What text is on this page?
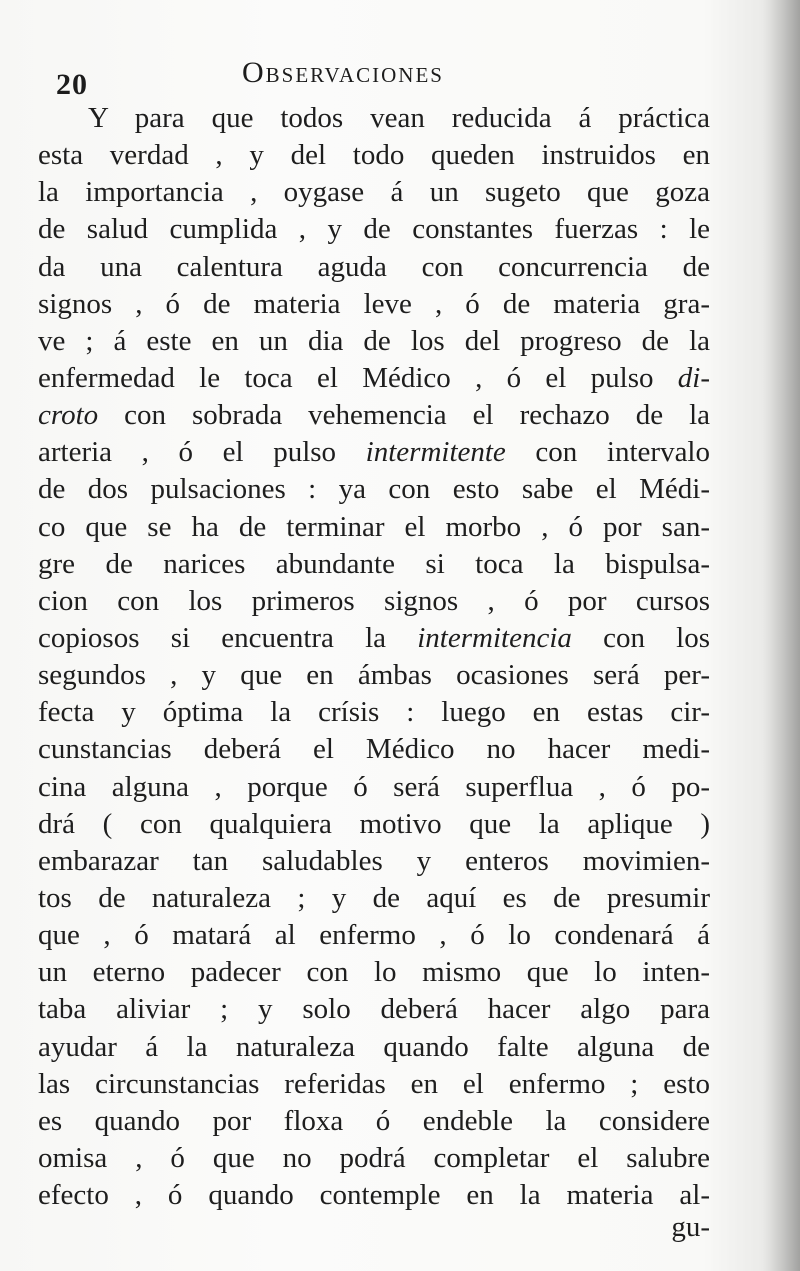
20	Observaciones
Y para que todos vean reducida á práctica
esta verdad , y del todo queden instruidos en
la importancia , oygase á un sugeto que goza
de salud cumplida , y de constantes fuerzas : le
da una calentura aguda con concurrencia de
signos , ó de materia leve , ó de materia gra-
ve ; á este en un dia de los del progreso de la
enfermedad le toca el Médico , ó el pulso di-
croto con sobrada vehemencia el rechazo de la
arteria , ó el pulso intermitente con intervalo
de dos pulsaciones : ya con esto sabe el Médi-
co que se ha de terminar el morbo , ó por san-
gre de narices abundante si toca la bispulsa-
cion con los primeros signos , ó por cursos
copiosos si encuentra la intermitencia con los
segundos , y que en ámbas ocasiones será per-
fecta y óptima la crísis : luego en estas cir-
cunstancias deberá el Médico no hacer medi-
cina alguna , porque ó será superflua , ó po-
drá ( con qualquiera motivo que la aplique )
embarazar tan saludables y enteros movimien-
tos de naturaleza ; y de aquí es de presumir
que , ó matará al enfermo , ó lo condenará á
un eterno padecer con lo mismo que lo inten-
taba aliviar ; y solo deberá hacer algo para
ayudar á la naturaleza quando falte alguna de
las circunstancias referidas en el enfermo ; esto
es quando por floxa ó endeble la considere
omisa , ó que no podrá completar el salubre
efecto , ó quando contemple en la materia al-
gu-
